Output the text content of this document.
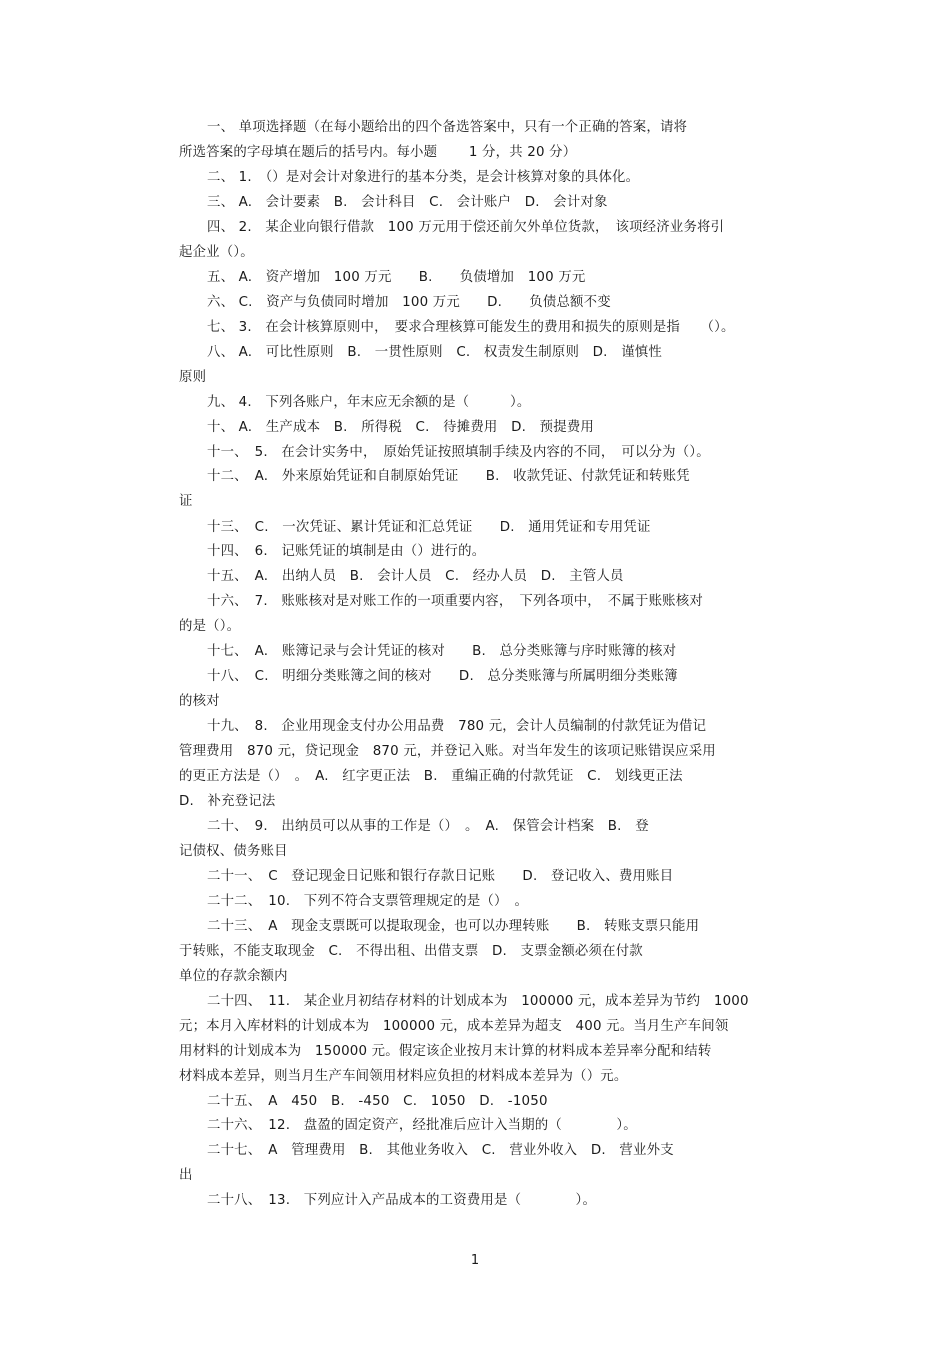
一、 单项选择题（在每小题给出的四个备选答案中，只有一个正确的答案，请将
所选答案的字母填在题后的括号内。每小题　　 1 分，共 20 分）
二、 1.　（）是对会计对象进行的基本分类，是会计核算对象的具体化。
三、 A.　会计要素　B.　会计科目　C.　会计账户　D.　会计对象
四、 2.　某企业向银行借款　100 万元用于偿还前欠外单位货款，　该项经济业务将引
起企业（）。
五、 A.　资产增加　100 万元　　B.　　负债增加　100 万元
六、 C.　资产与负债同时增加　100 万元　　D.　　负债总额不变
七、 3.　在会计核算原则中，　要求合理核算可能发生的费用和损失的原则是指　　（）。
八、 A.　可比性原则　B.　一贯性原则　C.　权责发生制原则　D.　谨慎性
原则
九、 4.　下列各账户，年末应无余额的是（　　　）。
十、 A.　生产成本　B.　所得税　C.　待摊费用　D.　预提费用
十一、　5.　在会计实务中，　原始凭证按照填制手续及内容的不同，　可以分为（）。
十二、　A.　外来原始凭证和自制原始凭证　　B.　收款凭证、付款凭证和转账凭
证
十三、　C.　一次凭证、累计凭证和汇总凭证　　D.　通用凭证和专用凭证
十四、　6.　记账凭证的填制是由（）进行的。
十五、　A.　出纳人员　B.　会计人员　C.　经办人员　D.　主管人员
十六、　7.　账账核对是对账工作的一项重要内容，　下列各项中，　不属于账账核对
的是（）。
十七、　A.　账簿记录与会计凭证的核对　　B.　总分类账簿与序时账簿的核对
十八、　C.　明细分类账簿之间的核对　　D.　总分类账簿与所属明细分类账簿
的核对
十九、　8.　企业用现金支付办公用品费　780 元，会计人员编制的付款凭证为借记
管理费用　870 元，贷记现金　870 元，并登记入账。对当年发生的该项记账错误应采用
的更正方法是（）　。　A.　红字更正法　B.　重编正确的付款凭证　C.　划线更正法
D.　补充登记法
二十、　9.　出纳员可以从事的工作是（）　。　A.　保管会计档案　B.　登
记债权、债务账目
二十一、　C　登记现金日记账和银行存款日记账　　D.　登记收入、费用账目
二十二、　10.　下列不符合支票管理规定的是（）　。
二十三、　A　现金支票既可以提取现金，也可以办理转账　　B.　转账支票只能用
于转账，不能支取现金　C.　不得出租、出借支票　D.　支票金额必须在付款
单位的存款余额内
二十四、　11.　某企业月初结存材料的计划成本为　100000 元，成本差异为节约　1000
元；本月入库材料的计划成本为　100000 元，成本差异为超支　400 元。当月生产车间领
用材料的计划成本为　150000 元。假定该企业按月末计算的材料成本差异率分配和结转
材料成本差异，则当月生产车间领用材料应负担的材料成本差异为（）元。
二十五、　A　450　B.　-450　C.　1050　D.　-1050
二十六、　12.　盘盈的固定资产，经批准后应计入当期的（　　　　）。
二十七、　A　管理费用　B.　其他业务收入　C.　营业外收入　D.　营业外支
出
二十八、　13.　下列应计入产品成本的工资费用是（　　　　）。
1
